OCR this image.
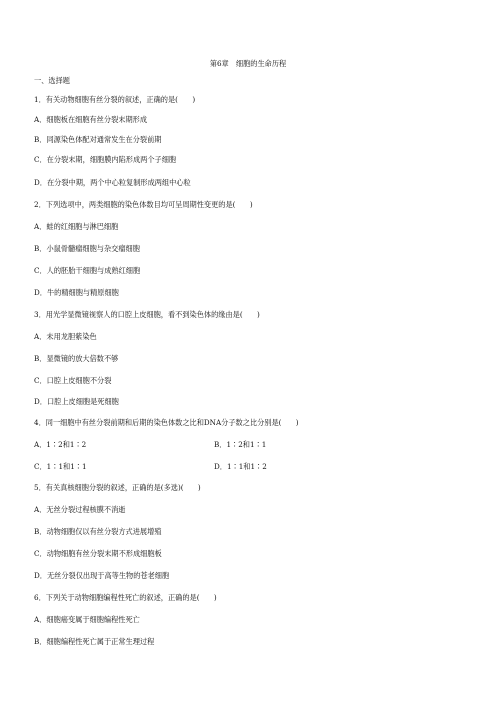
第6章　细胞的生命历程
一、选择题
1．有关动物细胞有丝分裂的叙述，正确的是(　　)
A．细胞板在细胞有丝分裂末期形成
B．同源染色体配对通常发生在分裂前期
C．在分裂末期，细胞膜内陷形成两个子细胞
D．在分裂中期，两个中心粒复制形成两组中心粒
2．下列选项中，两类细胞的染色体数目均可呈周期性变更的是(　　)
A．蛙的红细胞与淋巴细胞
B．小鼠骨髓瘤细胞与杂交瘤细胞
C．人的胚胎干细胞与成熟红细胞
D．牛的精细胞与精原细胞
3．用光学显微镜视察人的口腔上皮细胞，看不到染色体的缘由是(　　)
A．未用龙胆紫染色
B．显微镜的放大倍数不够
C．口腔上皮细胞不分裂
D．口腔上皮细胞是死细胞
4．同一细胞中有丝分裂前期和后期的染色体数之比和DNA分子数之比分别是(　　)
A．1∶2和1∶2	B．1∶2和1∶1
C．1∶1和1∶1	D．1∶1和1∶2
5．有关真核细胞分裂的叙述，正确的是(多选)(　　)
A．无丝分裂过程核膜不消逝
B．动物细胞仅以有丝分裂方式进展增殖
C．动物细胞有丝分裂末期不形成细胞板
D．无丝分裂仅出现于高等生物的苍老细胞
6．下列关于动物细胞编程性死亡的叙述，正确的是(　　)
A．细胞癌变属于细胞编程性死亡
B．细胞编程性死亡属于正常生理过程
